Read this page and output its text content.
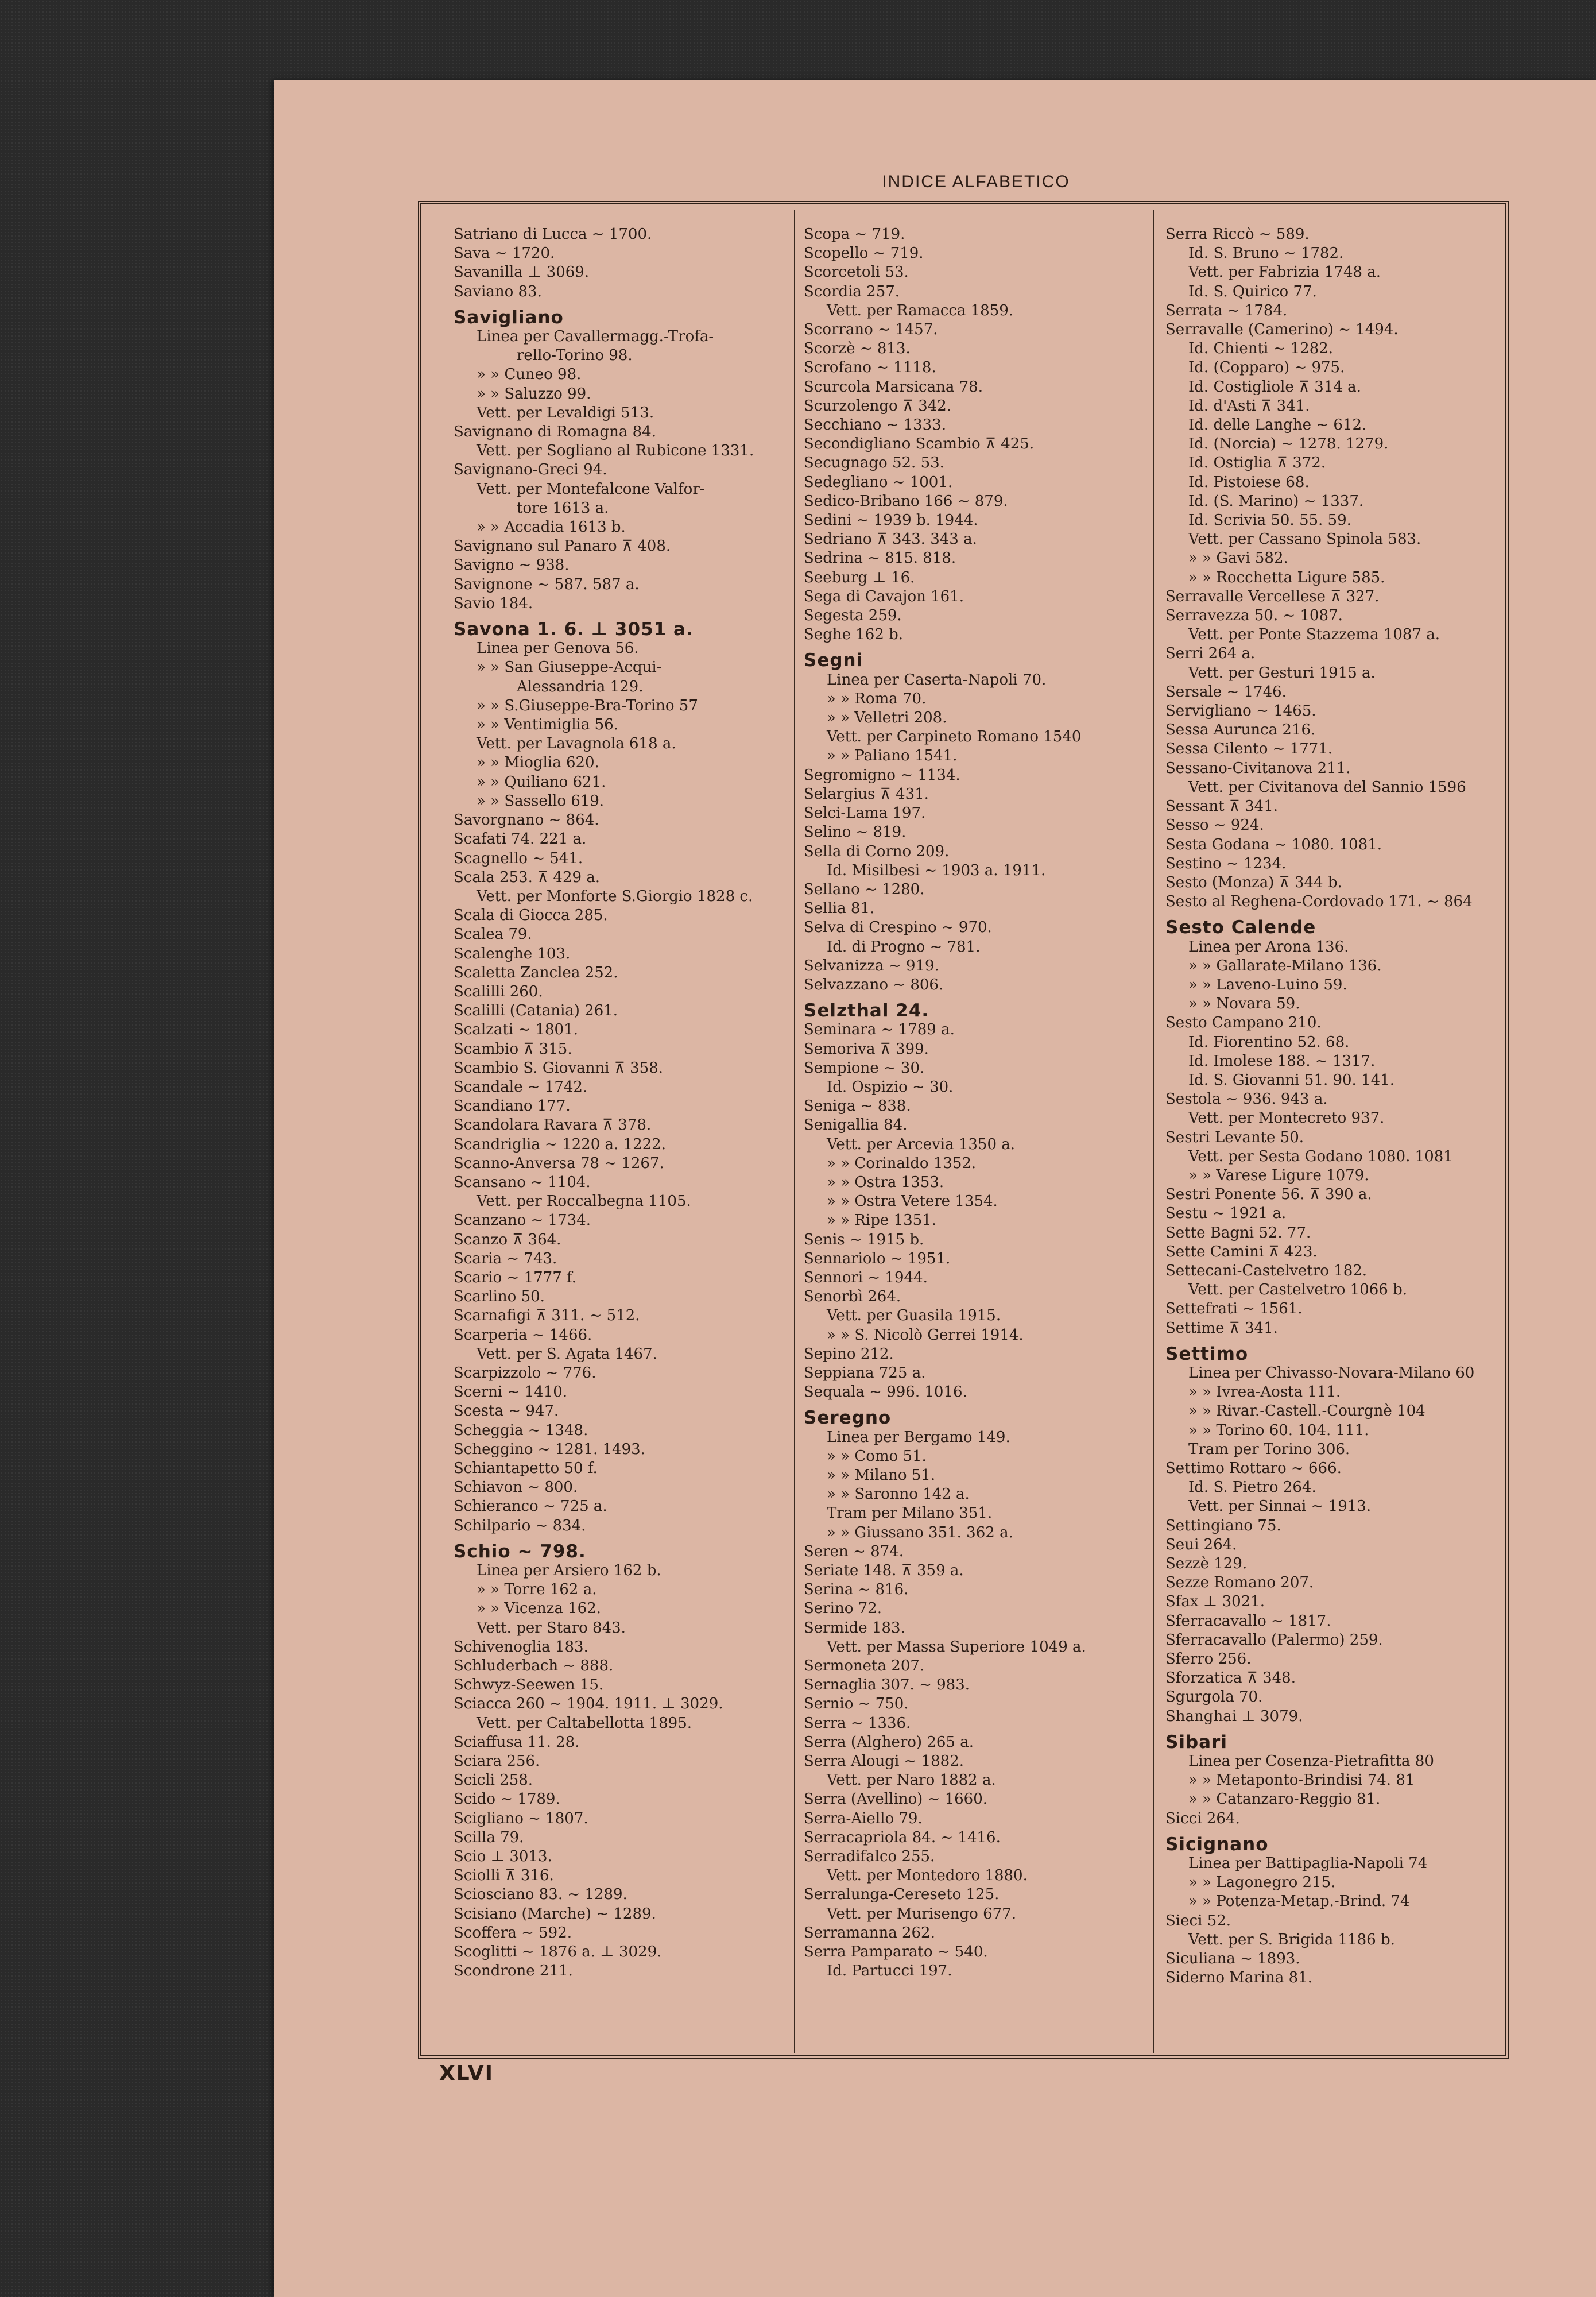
INDICE ALFABETICO
Satriano di Lucca ~ 1700.
Sava ~ 1720.
Savanilla ⊥ 3069.
Saviano 83.
Savigliano
Linea per Cavallermagg.-Trofa-
rello-Torino 98.
» » Cuneo 98.
» » Saluzzo 99.
Vett. per Levaldigi 513.
Savignano di Romagna 84.
Vett. per Sogliano al Rubicone 1331.
Savignano-Greci 94.
Vett. per Montefalcone Valfor-
tore 1613 a.
» » Accadia 1613 b.
Savignano sul Panaro ⊼ 408.
Savigno ~ 938.
Savignone ~ 587. 587 a.
Savio 184.
Savona 1. 6. ⊥ 3051 a.
Linea per Genova 56.
» » San Giuseppe-Acqui-
Alessandria 129.
» » S.Giuseppe-Bra-Torino 57
» » Ventimiglia 56.
Vett. per Lavagnola 618 a.
» » Mioglia 620.
» » Quiliano 621.
» » Sassello 619.
Savorgnano ~ 864.
Scafati 74. 221 a.
Scagnello ~ 541.
Scala 253. ⊼ 429 a.
Vett. per Monforte S.Giorgio 1828 c.
Scala di Giocca 285.
Scalea 79.
Scalenghe 103.
Scaletta Zanclea 252.
Scalilli 260.
Scalilli (Catania) 261.
Scalzati ~ 1801.
Scambio ⊼ 315.
Scambio S. Giovanni ⊼ 358.
Scandale ~ 1742.
Scandiano 177.
Scandolara Ravara ⊼ 378.
Scandriglia ~ 1220 a. 1222.
Scanno-Anversa 78 ~ 1267.
Scansano ~ 1104.
Vett. per Roccalbegna 1105.
Scanzano ~ 1734.
Scanzo ⊼ 364.
Scaria ~ 743.
Scario ~ 1777 f.
Scarlino 50.
Scarnafigi ⊼ 311. ~ 512.
Scarperia ~ 1466.
Vett. per S. Agata 1467.
Scarpizzolo ~ 776.
Scerni ~ 1410.
Scesta ~ 947.
Scheggia ~ 1348.
Scheggino ~ 1281. 1493.
Schiantapetto 50 f.
Schiavon ~ 800.
Schieranco ~ 725 a.
Schilpario ~ 834.
Schio ~ 798.
Linea per Arsiero 162 b.
» » Torre 162 a.
» » Vicenza 162.
Vett. per Staro 843.
Schivenoglia 183.
Schluderbach ~ 888.
Schwyz-Seewen 15.
Sciacca 260 ~ 1904. 1911. ⊥ 3029.
Vett. per Caltabellotta 1895.
Sciaffusa 11. 28.
Sciara 256.
Scicli 258.
Scido ~ 1789.
Scigliano ~ 1807.
Scilla 79.
Scio ⊥ 3013.
Sciolli ⊼ 316.
Sciosciano 83. ~ 1289.
Scisiano (Marche) ~ 1289.
Scoffera ~ 592.
Scoglitti ~ 1876 a. ⊥ 3029.
Scondrone 211.
Scopa ~ 719.
Scopello ~ 719.
Scorcetoli 53.
Scordia 257.
Vett. per Ramacca 1859.
Scorrano ~ 1457.
Scorzè ~ 813.
Scrofano ~ 1118.
Scurcola Marsicana 78.
Scurzolengo ⊼ 342.
Secchiano ~ 1333.
Secondigliano Scambio ⊼ 425.
Secugnago 52. 53.
Sedegliano ~ 1001.
Sedico-Bribano 166 ~ 879.
Sedini ~ 1939 b. 1944.
Sedriano ⊼ 343. 343 a.
Sedrina ~ 815. 818.
Seeburg ⊥ 16.
Sega di Cavajon 161.
Segesta 259.
Seghe 162 b.
Segni
Linea per Caserta-Napoli 70.
» » Roma 70.
» » Velletri 208.
Vett. per Carpineto Romano 1540
» » Paliano 1541.
Segromigno ~ 1134.
Selargius ⊼ 431.
Selci-Lama 197.
Selino ~ 819.
Sella di Corno 209.
Id. Misilbesi ~ 1903 a. 1911.
Sellano ~ 1280.
Sellia 81.
Selva di Crespino ~ 970.
Id. di Progno ~ 781.
Selvanizza ~ 919.
Selvazzano ~ 806.
Selzthal 24.
Seminara ~ 1789 a.
Semoriva ⊼ 399.
Sempione ~ 30.
Id. Ospizio ~ 30.
Seniga ~ 838.
Senigallia 84.
Vett. per Arcevia 1350 a.
» » Corinaldo 1352.
» » Ostra 1353.
» » Ostra Vetere 1354.
» » Ripe 1351.
Senis ~ 1915 b.
Sennariolo ~ 1951.
Sennori ~ 1944.
Senorbì 264.
Vett. per Guasila 1915.
» » S. Nicolò Gerrei 1914.
Sepino 212.
Seppiana 725 a.
Sequala ~ 996. 1016.
Seregno
Linea per Bergamo 149.
» » Como 51.
» » Milano 51.
» » Saronno 142 a.
Tram per Milano 351.
» » Giussano 351. 362 a.
Seren ~ 874.
Seriate 148. ⊼ 359 a.
Serina ~ 816.
Serino 72.
Sermide 183.
Vett. per Massa Superiore 1049 a.
Sermoneta 207.
Sernaglia 307. ~ 983.
Sernio ~ 750.
Serra ~ 1336.
Serra (Alghero) 265 a.
Serra Alougi ~ 1882.
Vett. per Naro 1882 a.
Serra (Avellino) ~ 1660.
Serra-Aiello 79.
Serracapriola 84. ~ 1416.
Serradifalco 255.
Vett. per Montedoro 1880.
Serralunga-Cereseto 125.
Vett. per Murisengo 677.
Serramanna 262.
Serra Pamparato ~ 540.
Id. Partucci 197.
Serra Riccò ~ 589.
Id. S. Bruno ~ 1782.
Vett. per Fabrizia 1748 a.
Id. S. Quirico 77.
Serrata ~ 1784.
Serravalle (Camerino) ~ 1494.
Id. Chienti ~ 1282.
Id. (Copparo) ~ 975.
Id. Costigliole ⊼ 314 a.
Id. d'Asti ⊼ 341.
Id. delle Langhe ~ 612.
Id. (Norcia) ~ 1278. 1279.
Id. Ostiglia ⊼ 372.
Id. Pistoiese 68.
Id. (S. Marino) ~ 1337.
Id. Scrivia 50. 55. 59.
Vett. per Cassano Spinola 583.
» » Gavi 582.
» » Rocchetta Ligure 585.
Serravalle Vercellese ⊼ 327.
Serravezza 50. ~ 1087.
Vett. per Ponte Stazzema 1087 a.
Serri 264 a.
Vett. per Gesturi 1915 a.
Sersale ~ 1746.
Servigliano ~ 1465.
Sessa Aurunca 216.
Sessa Cilento ~ 1771.
Sessano-Civitanova 211.
Vett. per Civitanova del Sannio 1596
Sessant ⊼ 341.
Sesso ~ 924.
Sesta Godana ~ 1080. 1081.
Sestino ~ 1234.
Sesto (Monza) ⊼ 344 b.
Sesto al Reghena-Cordovado 171. ~ 864
Sesto Calende
Linea per Arona 136.
» » Gallarate-Milano 136.
» » Laveno-Luino 59.
» » Novara 59.
Sesto Campano 210.
Id. Fiorentino 52. 68.
Id. Imolese 188. ~ 1317.
Id. S. Giovanni 51. 90. 141.
Sestola ~ 936. 943 a.
Vett. per Montecreto 937.
Sestri Levante 50.
Vett. per Sesta Godano 1080. 1081
» » Varese Ligure 1079.
Sestri Ponente 56. ⊼ 390 a.
Sestu ~ 1921 a.
Sette Bagni 52. 77.
Sette Camini ⊼ 423.
Settecani-Castelvetro 182.
Vett. per Castelvetro 1066 b.
Settefrati ~ 1561.
Settime ⊼ 341.
Settimo
Linea per Chivasso-Novara-Milano 60
» » Ivrea-Aosta 111.
» » Rivar.-Castell.-Courgnè 104
» » Torino 60. 104. 111.
Tram per Torino 306.
Settimo Rottaro ~ 666.
Id. S. Pietro 264.
Vett. per Sinnai ~ 1913.
Settingiano 75.
Seui 264.
Sezzè 129.
Sezze Romano 207.
Sfax ⊥ 3021.
Sferracavallo ~ 1817.
Sferracavallo (Palermo) 259.
Sferro 256.
Sforzatica ⊼ 348.
Sgurgola 70.
Shanghai ⊥ 3079.
Sibari
Linea per Cosenza-Pietrafitta 80
» » Metaponto-Brindisi 74. 81
» » Catanzaro-Reggio 81.
Sicci 264.
Sicignano
Linea per Battipaglia-Napoli 74
» » Lagonegro 215.
» » Potenza-Metap.-Brind. 74
Sieci 52.
Vett. per S. Brigida 1186 b.
Siculiana ~ 1893.
Siderno Marina 81.
XLVI
